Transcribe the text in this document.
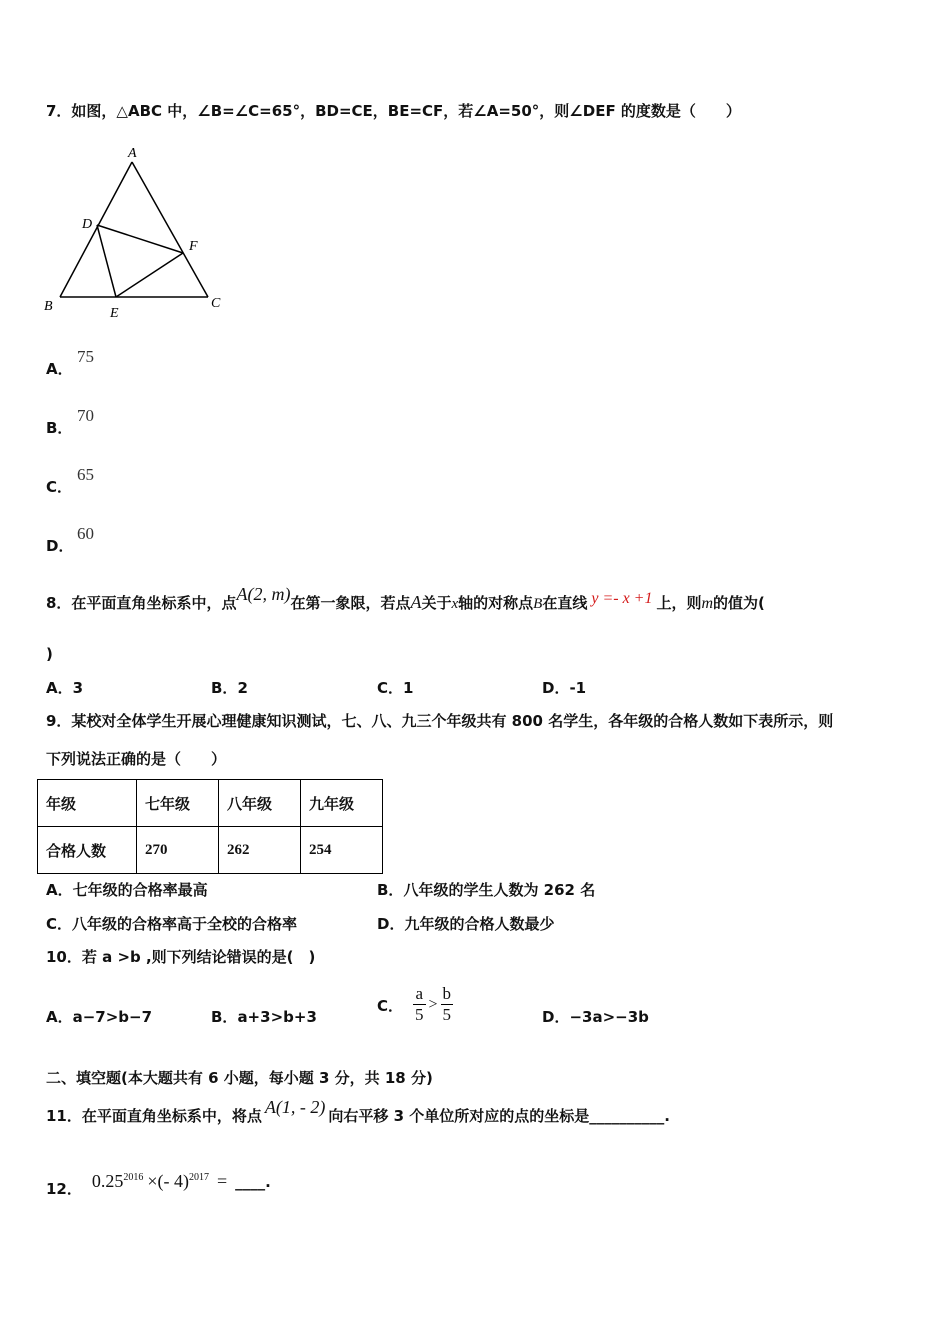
7．如图，△ABC 中，∠B=∠C=65°，BD=CE，BE=CF，若∠A=50°，则∠DEF 的度数是（　　）
A
D
F
B	E
C
A．
75
B．
70
C．
65
D．
60
8．在平面直角坐标系中，点A(2, m)在第一象限，若点A关于x轴的对称点B在直线 y =- x +1 上，则m的值为(
)
A．3	B．2	C．1	D．-1
9．某校对全体学生开展心理健康知识测试，七、八、九三个年级共有 800 名学生，各年级的合格人数如下表所示，则
下列说法正确的是（　　）
年级	七年级	八年级	九年级
合格人数	270	262	254
A．七年级的合格率最高	B．八年级的学生人数为 262 名
C．八年级的合格率高于全校的合格率	D．九年级的合格人数最少
10．若 a >b ,则下列结论错误的是(　)
A．a−7>b−7	B．a+3>b+3
C． $\frac{a}{5} > \frac{b}{5}$	D．−3a>−3b
二、填空题(本大题共有 6 小题，每小题 3 分，共 18 分)
11．在平面直角坐标系中，将点 A(1, - 2) 向右平移 3 个单位所对应的点的坐标是__________.
12． $0.25^{2016}$ ×(- 4)$^{2017}$ = ____.
